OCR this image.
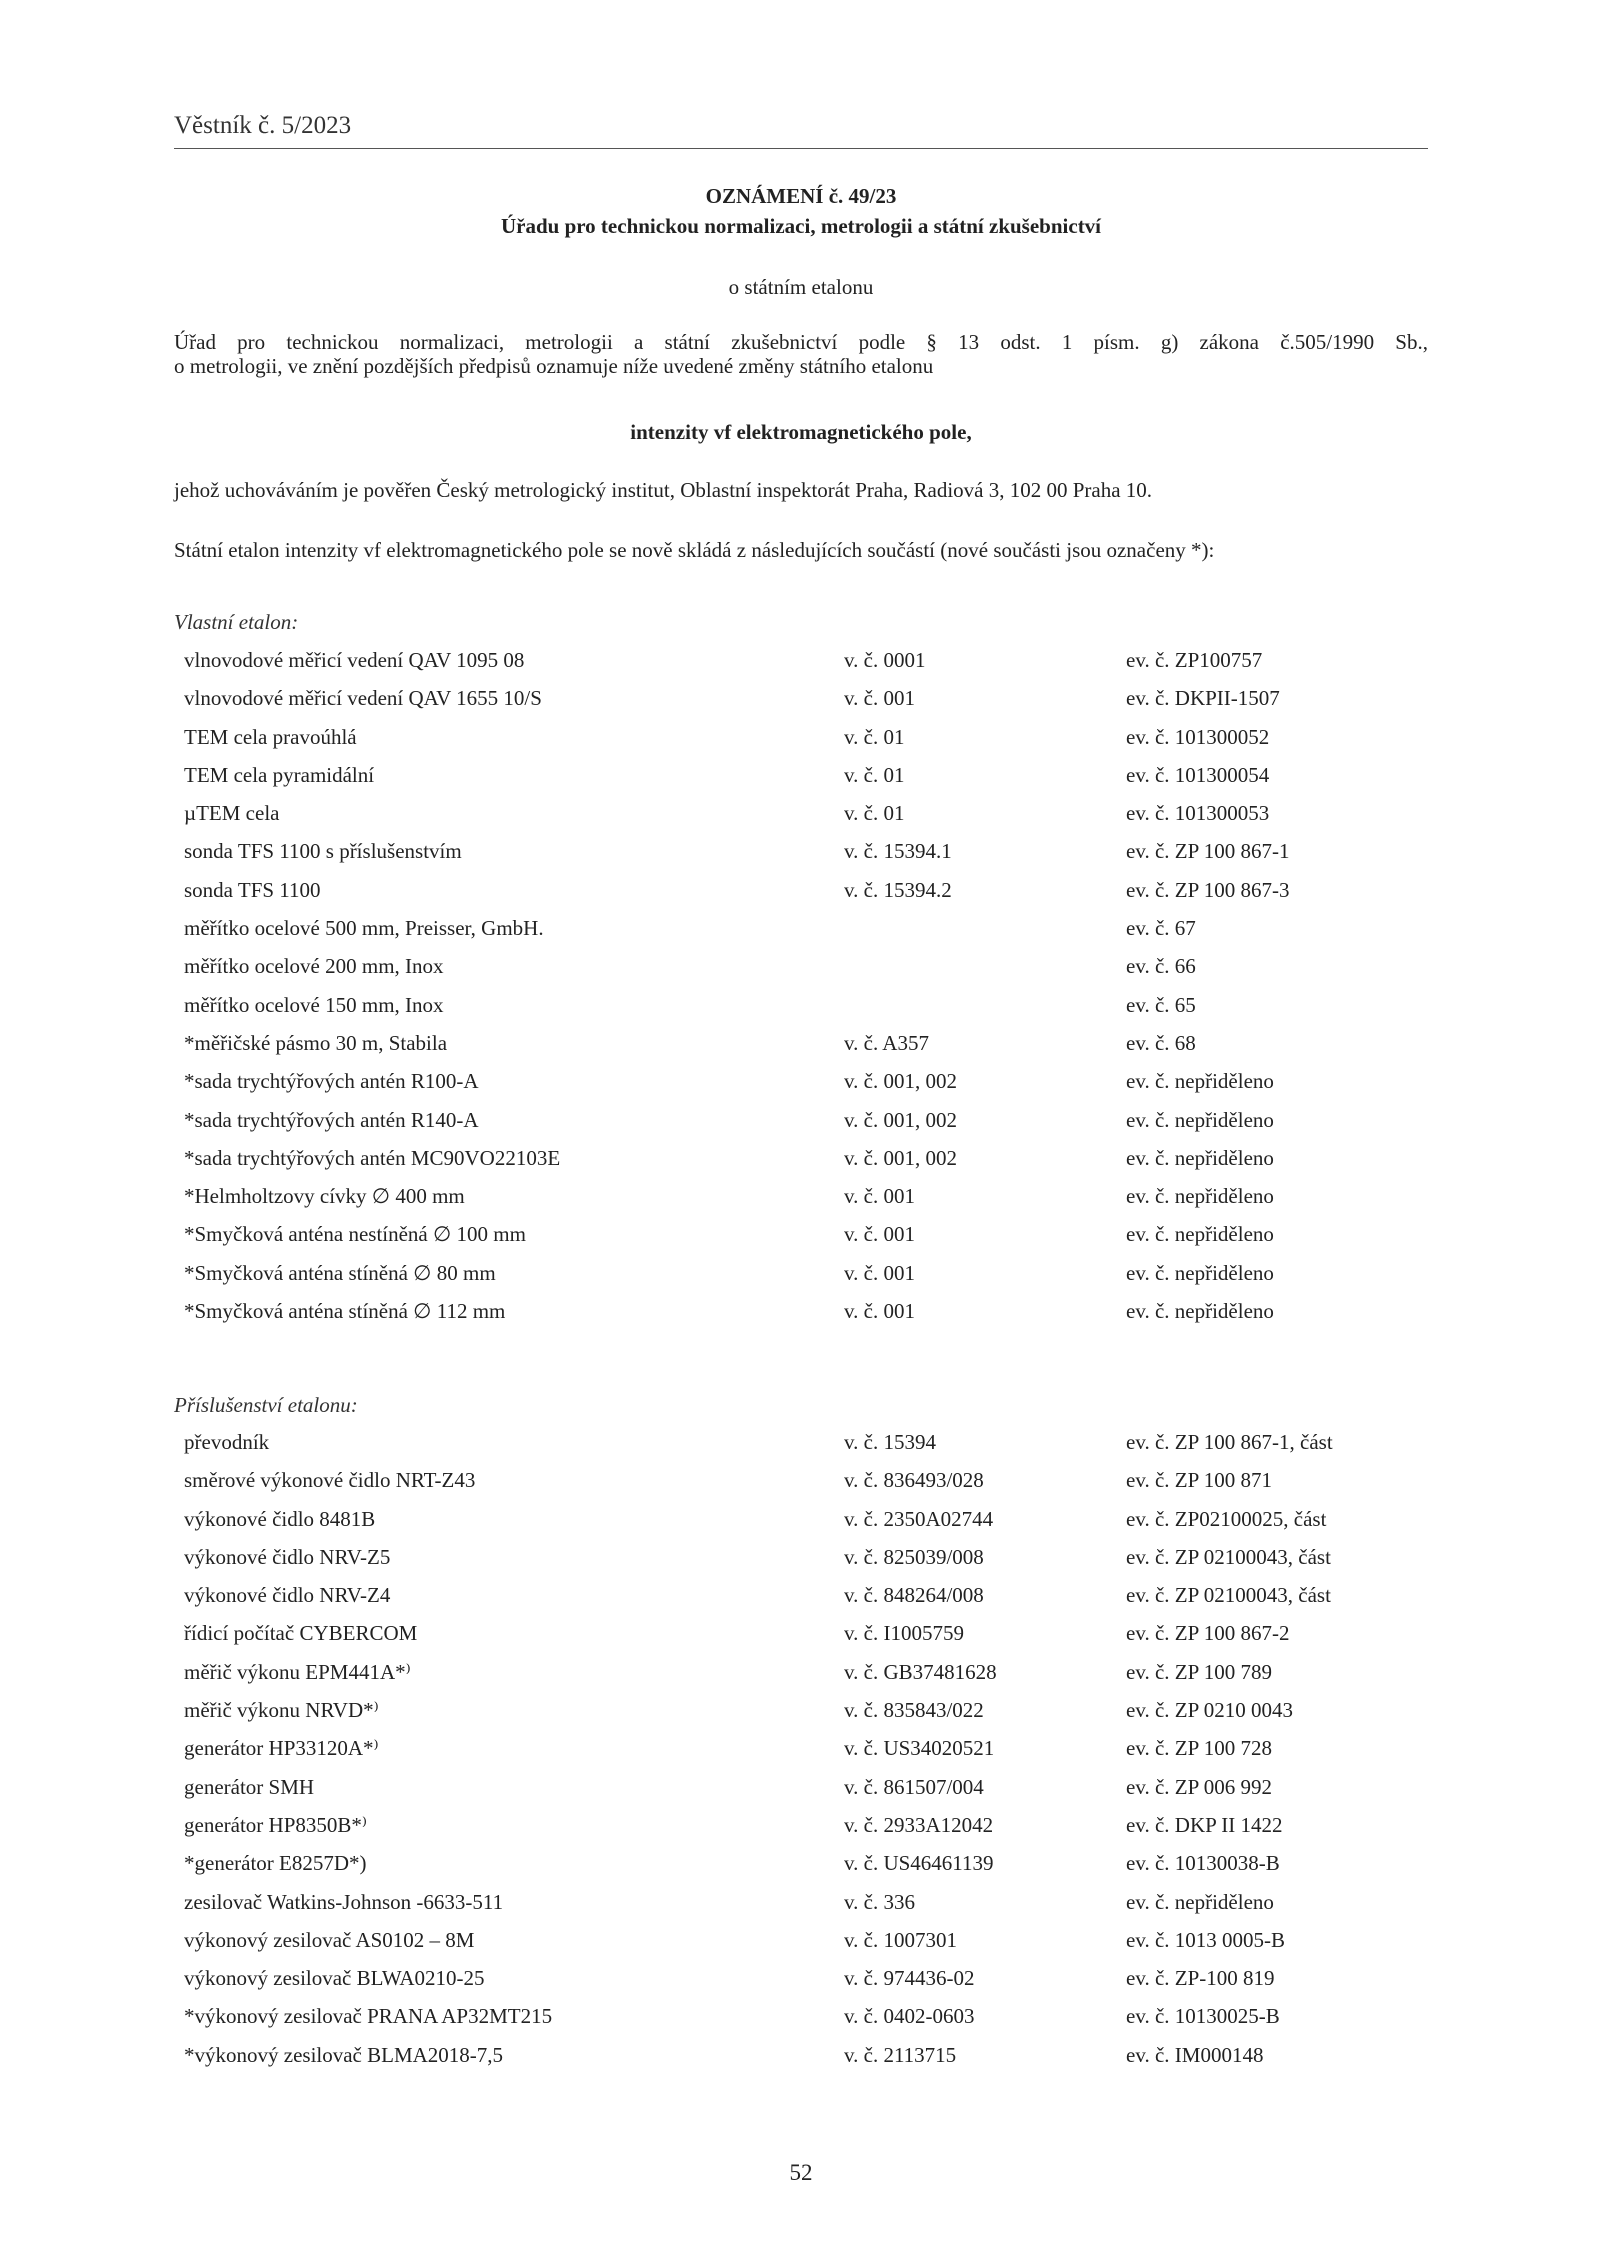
Věstník č. 5/2023
OZNÁMENÍ č. 49/23
Úřadu pro technickou normalizaci, metrologii a státní zkušebnictví
o státním etalonu
Úřad pro technickou normalizaci, metrologii a státní zkušebnictví podle § 13 odst. 1 písm. g) zákona č.505/1990 Sb.,
o metrologii, ve znění pozdějších předpisů oznamuje níže uvedené změny státního etalonu
intenzity vf elektromagnetického pole,
jehož uchováváním je pověřen Český metrologický institut, Oblastní inspektorát Praha, Radiová 3, 102 00 Praha 10.
Státní etalon intenzity vf elektromagnetického pole se nově skládá z následujících součástí (nové součásti jsou označeny *):
Vlastní etalon:
vlnovodové měřicí vedení QAV 1095 08	v. č. 0001	ev. č. ZP100757
vlnovodové měřicí vedení QAV 1655 10/S	v. č. 001	ev. č. DKPII-1507
TEM cela pravoúhlá	v. č. 01	ev. č. 101300052
TEM cela pyramidální	v. č. 01	ev. č. 101300054
µTEM cela	v. č. 01	ev. č. 101300053
sonda TFS 1100 s příslušenstvím	v. č. 15394.1	ev. č. ZP 100 867-1
sonda TFS 1100	v. č. 15394.2	ev. č. ZP 100 867-3
měřítko ocelové 500 mm, Preisser, GmbH.	ev. č. 67
měřítko ocelové 200 mm, Inox	ev. č. 66
měřítko ocelové 150 mm, Inox	ev. č. 65
*měřičské pásmo 30 m, Stabila	v. č. A357	ev. č. 68
*sada trychtýřových antén R100-A	v. č. 001, 002	ev. č. nepřiděleno
*sada trychtýřových antén R140-A	v. č. 001, 002	ev. č. nepřiděleno
*sada trychtýřových antén MC90VO22103E	v. č. 001, 002	ev. č. nepřiděleno
*Helmholtzovy cívky ∅ 400 mm	v. č. 001	ev. č. nepřiděleno
*Smyčková anténa nestíněná ∅ 100 mm	v. č. 001	ev. č. nepřiděleno
*Smyčková anténa stíněná ∅ 80 mm	v. č. 001	ev. č. nepřiděleno
*Smyčková anténa stíněná ∅ 112 mm	v. č. 001	ev. č. nepřiděleno
Příslušenství etalonu:
převodník	v. č. 15394	ev. č. ZP 100 867-1, část
směrové výkonové čidlo NRT-Z43	v. č. 836493/028	ev. č. ZP 100 871
výkonové čidlo 8481B	v. č. 2350A02744	ev. č. ZP02100025, část
výkonové čidlo NRV-Z5	v. č. 825039/008	ev. č. ZP 02100043, část
výkonové čidlo NRV-Z4	v. č. 848264/008	ev. č. ZP 02100043, část
řídicí počítač CYBERCOM	v. č. I1005759	ev. č. ZP 100 867-2
měřič výkonu EPM441A*⁾	v. č. GB37481628	ev. č. ZP 100 789
měřič výkonu NRVD*⁾	v. č. 835843/022	ev. č. ZP 0210 0043
generátor HP33120A*⁾	v. č. US34020521	ev. č. ZP 100 728
generátor SMH	v. č. 861507/004	ev. č. ZP 006 992
generátor HP8350B*⁾	v. č. 2933A12042	ev. č. DKP II 1422
*generátor E8257D*)	v. č. US46461139	ev. č. 10130038-B
zesilovač Watkins-Johnson -6633-511	v. č. 336	ev. č. nepřiděleno
výkonový zesilovač AS0102 – 8M	v. č. 1007301	ev. č. 1013 0005-B
výkonový zesilovač BLWA0210-25	v. č. 974436-02	ev. č. ZP-100 819
*výkonový zesilovač PRANA AP32MT215	v. č. 0402-0603	ev. č. 10130025-B
*výkonový zesilovač BLMA2018-7,5	v. č. 2113715	ev. č. IM000148
52
